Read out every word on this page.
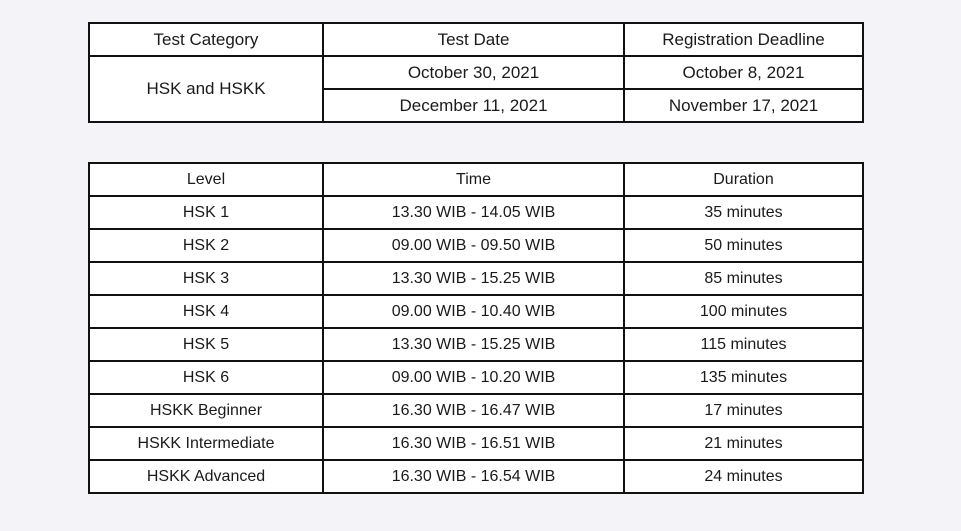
Test Category	Test Date	Registration Deadline
HSK and HSKK	October 30, 2021	October 8, 2021
	December 11, 2021	November 17, 2021
Level	Time	Duration
HSK 1	13.30 WIB - 14.05 WIB	35 minutes
HSK 2	09.00 WIB - 09.50 WIB	50 minutes
HSK 3	13.30 WIB - 15.25 WIB	85 minutes
HSK 4	09.00 WIB - 10.40 WIB	100 minutes
HSK 5	13.30 WIB - 15.25 WIB	115 minutes
HSK 6	09.00 WIB - 10.20 WIB	135 minutes
HSKK Beginner	16.30 WIB - 16.47 WIB	17 minutes
HSKK Intermediate	16.30 WIB - 16.51 WIB	21 minutes
HSKK Advanced	16.30 WIB - 16.54 WIB	24 minutes
